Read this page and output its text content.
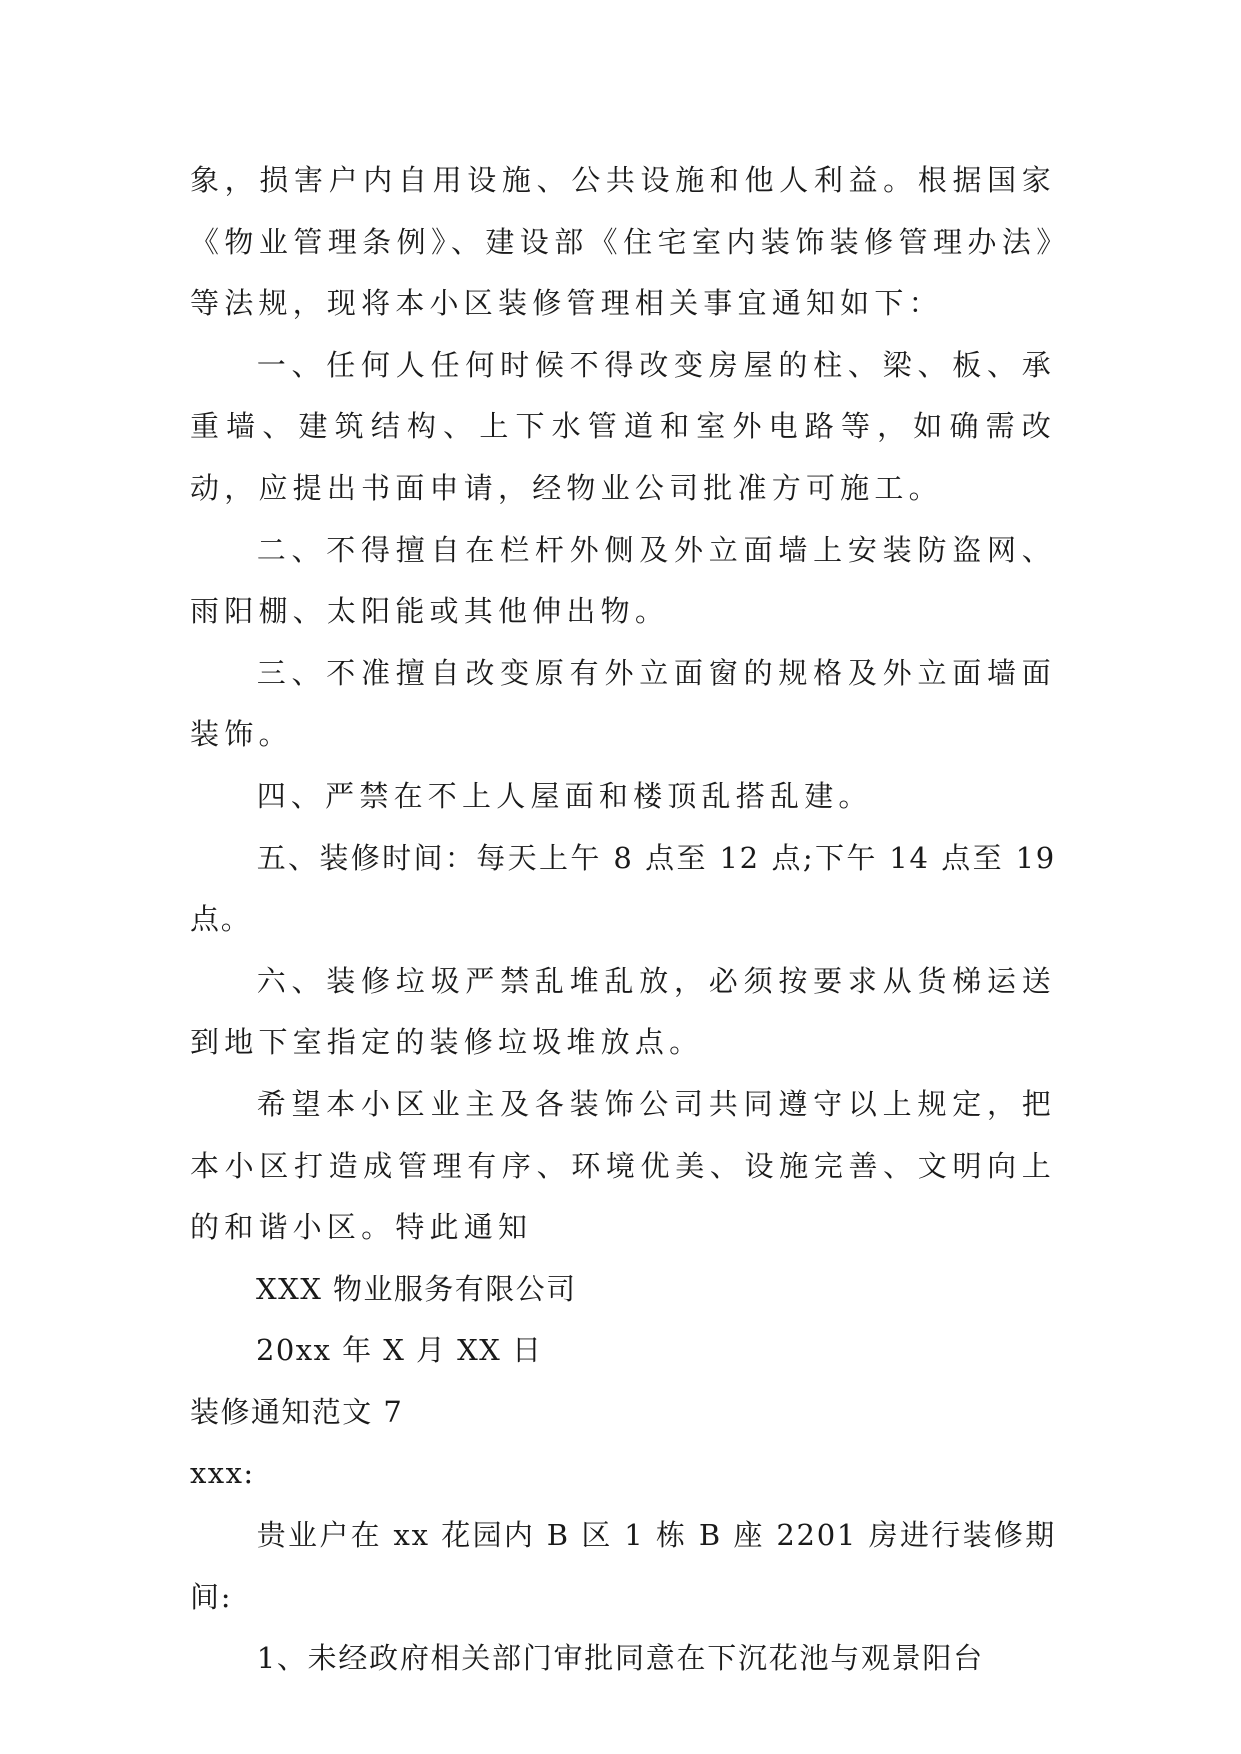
象，损害户内自用设施、公共设施和他人利益。根据国家《物业管理条例》、建设部《住宅室内装饰装修管理办法》等法规，现将本小区装修管理相关事宜通知如下：

一、任何人任何时候不得改变房屋的柱、梁、板、承重墙、建筑结构、上下水管道和室外电路等，如确需改动，应提出书面申请，经物业公司批准方可施工。

二、不得擅自在栏杆外侧及外立面墙上安装防盗网、雨阳棚、太阳能或其他伸出物。

三、不准擅自改变原有外立面窗的规格及外立面墙面装饰。

四、严禁在不上人屋面和楼顶乱搭乱建。

五、装修时间：每天上午 8 点至 12 点;下午 14 点至 19 点。

六、装修垃圾严禁乱堆乱放，必须按要求从货梯运送到地下室指定的装修垃圾堆放点。

希望本小区业主及各装饰公司共同遵守以上规定，把本小区打造成管理有序、环境优美、设施完善、文明向上的和谐小区。特此通知

XXX 物业服务有限公司

20xx 年 X 月 XX 日

装修通知范文 7

xxx:

贵业户在 xx 花园内 B 区 1 栋 B 座 2201 房进行装修期间:

1、未经政府相关部门审批同意在下沉花池与观景阳台
